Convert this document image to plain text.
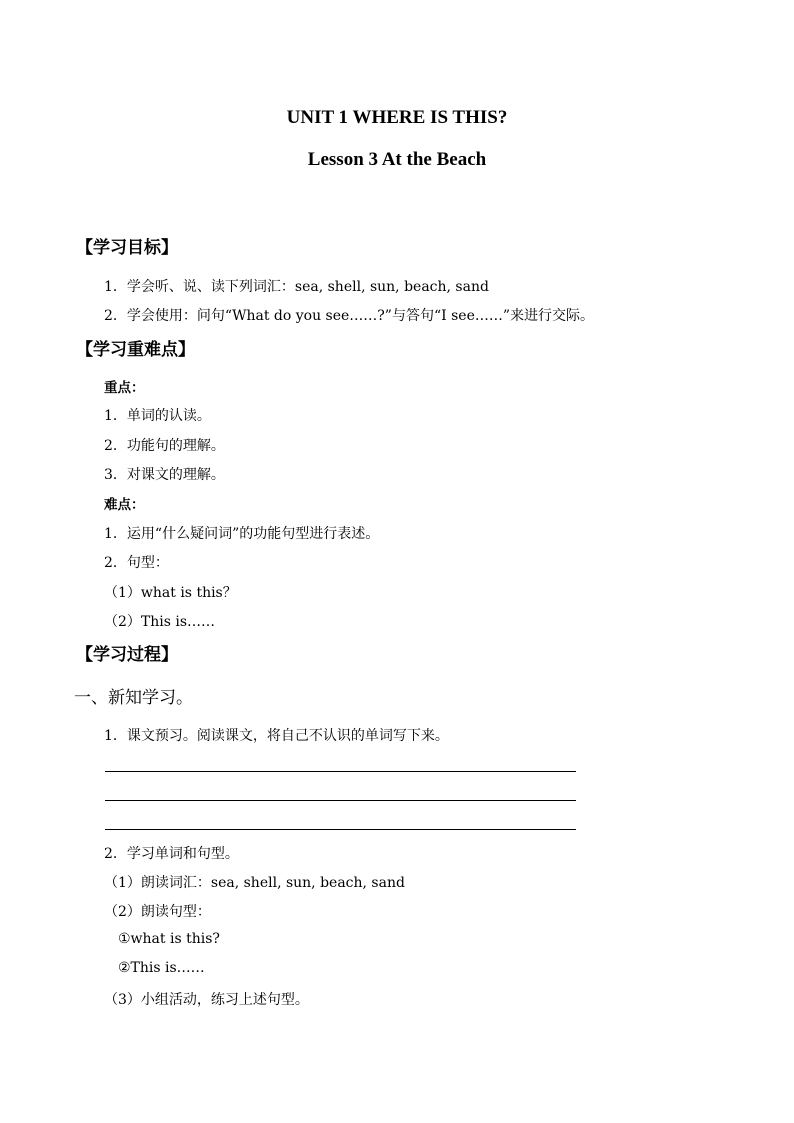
UNIT 1 WHERE IS THIS?
Lesson 3 At the Beach
【学习目标】
1．学会听、说、读下列词汇：sea, shell, sun, beach, sand
2．学会使用：问句“What do you see……?”与答句“I see……”来进行交际。
【学习重难点】
重点：
1．单词的认读。
2．功能句的理解。
3．对课文的理解。
难点：
1．运用“什么疑问词”的功能句型进行表述。
2．句型：
（1）what is this？
（2）This is……
【学习过程】
一、新知学习。
1．课文预习。阅读课文，将自己不认识的单词写下来。
2．学习单词和句型。
（1）朗读词汇：sea, shell, sun, beach, sand
（2）朗读句型：
①what is this?
②This is……
（3）小组活动，练习上述句型。
